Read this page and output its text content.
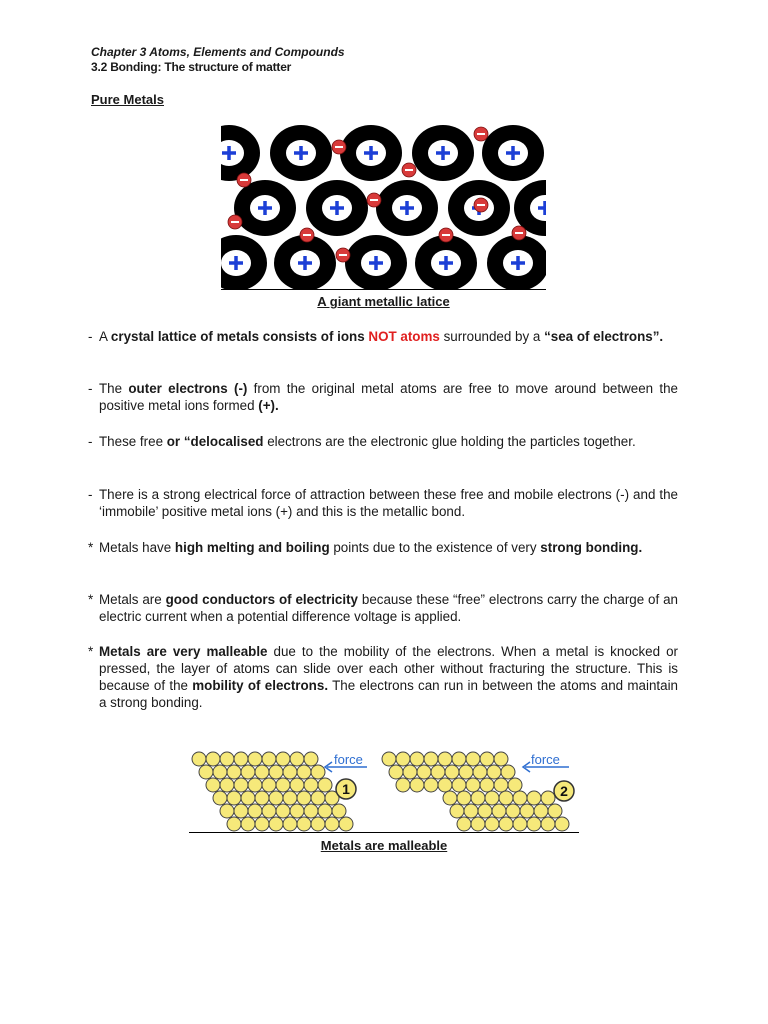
Chapter 3 Atoms, Elements and Compounds
3.2 Bonding: The structure of matter
Pure Metals
A giant metallic latice
- A crystal lattice of metals consists of ions NOT atoms surrounded by a “sea of electrons”.
- The outer electrons (-) from the original metal atoms are free to move around between the positive metal ions formed (+).
- These free or “delocalised electrons are the electronic glue holding the particles together.
- There is a strong electrical force of attraction between these free and mobile electrons (-) and the ‘immobile’ positive metal ions (+) and this is the metallic bond.
* Metals have high melting and boiling points due to the existence of very strong bonding.
* Metals are good conductors of electricity because these “free” electrons carry the charge of an electric current when a potential difference voltage is applied.
* Metals are very malleable due to the mobility of the electrons. When a metal is knocked or pressed, the layer of atoms can slide over each other without fracturing the structure. This is because of the mobility of electrons. The electrons can run in between the atoms and maintain a strong bonding.
force	force
1	2
Metals are malleable
